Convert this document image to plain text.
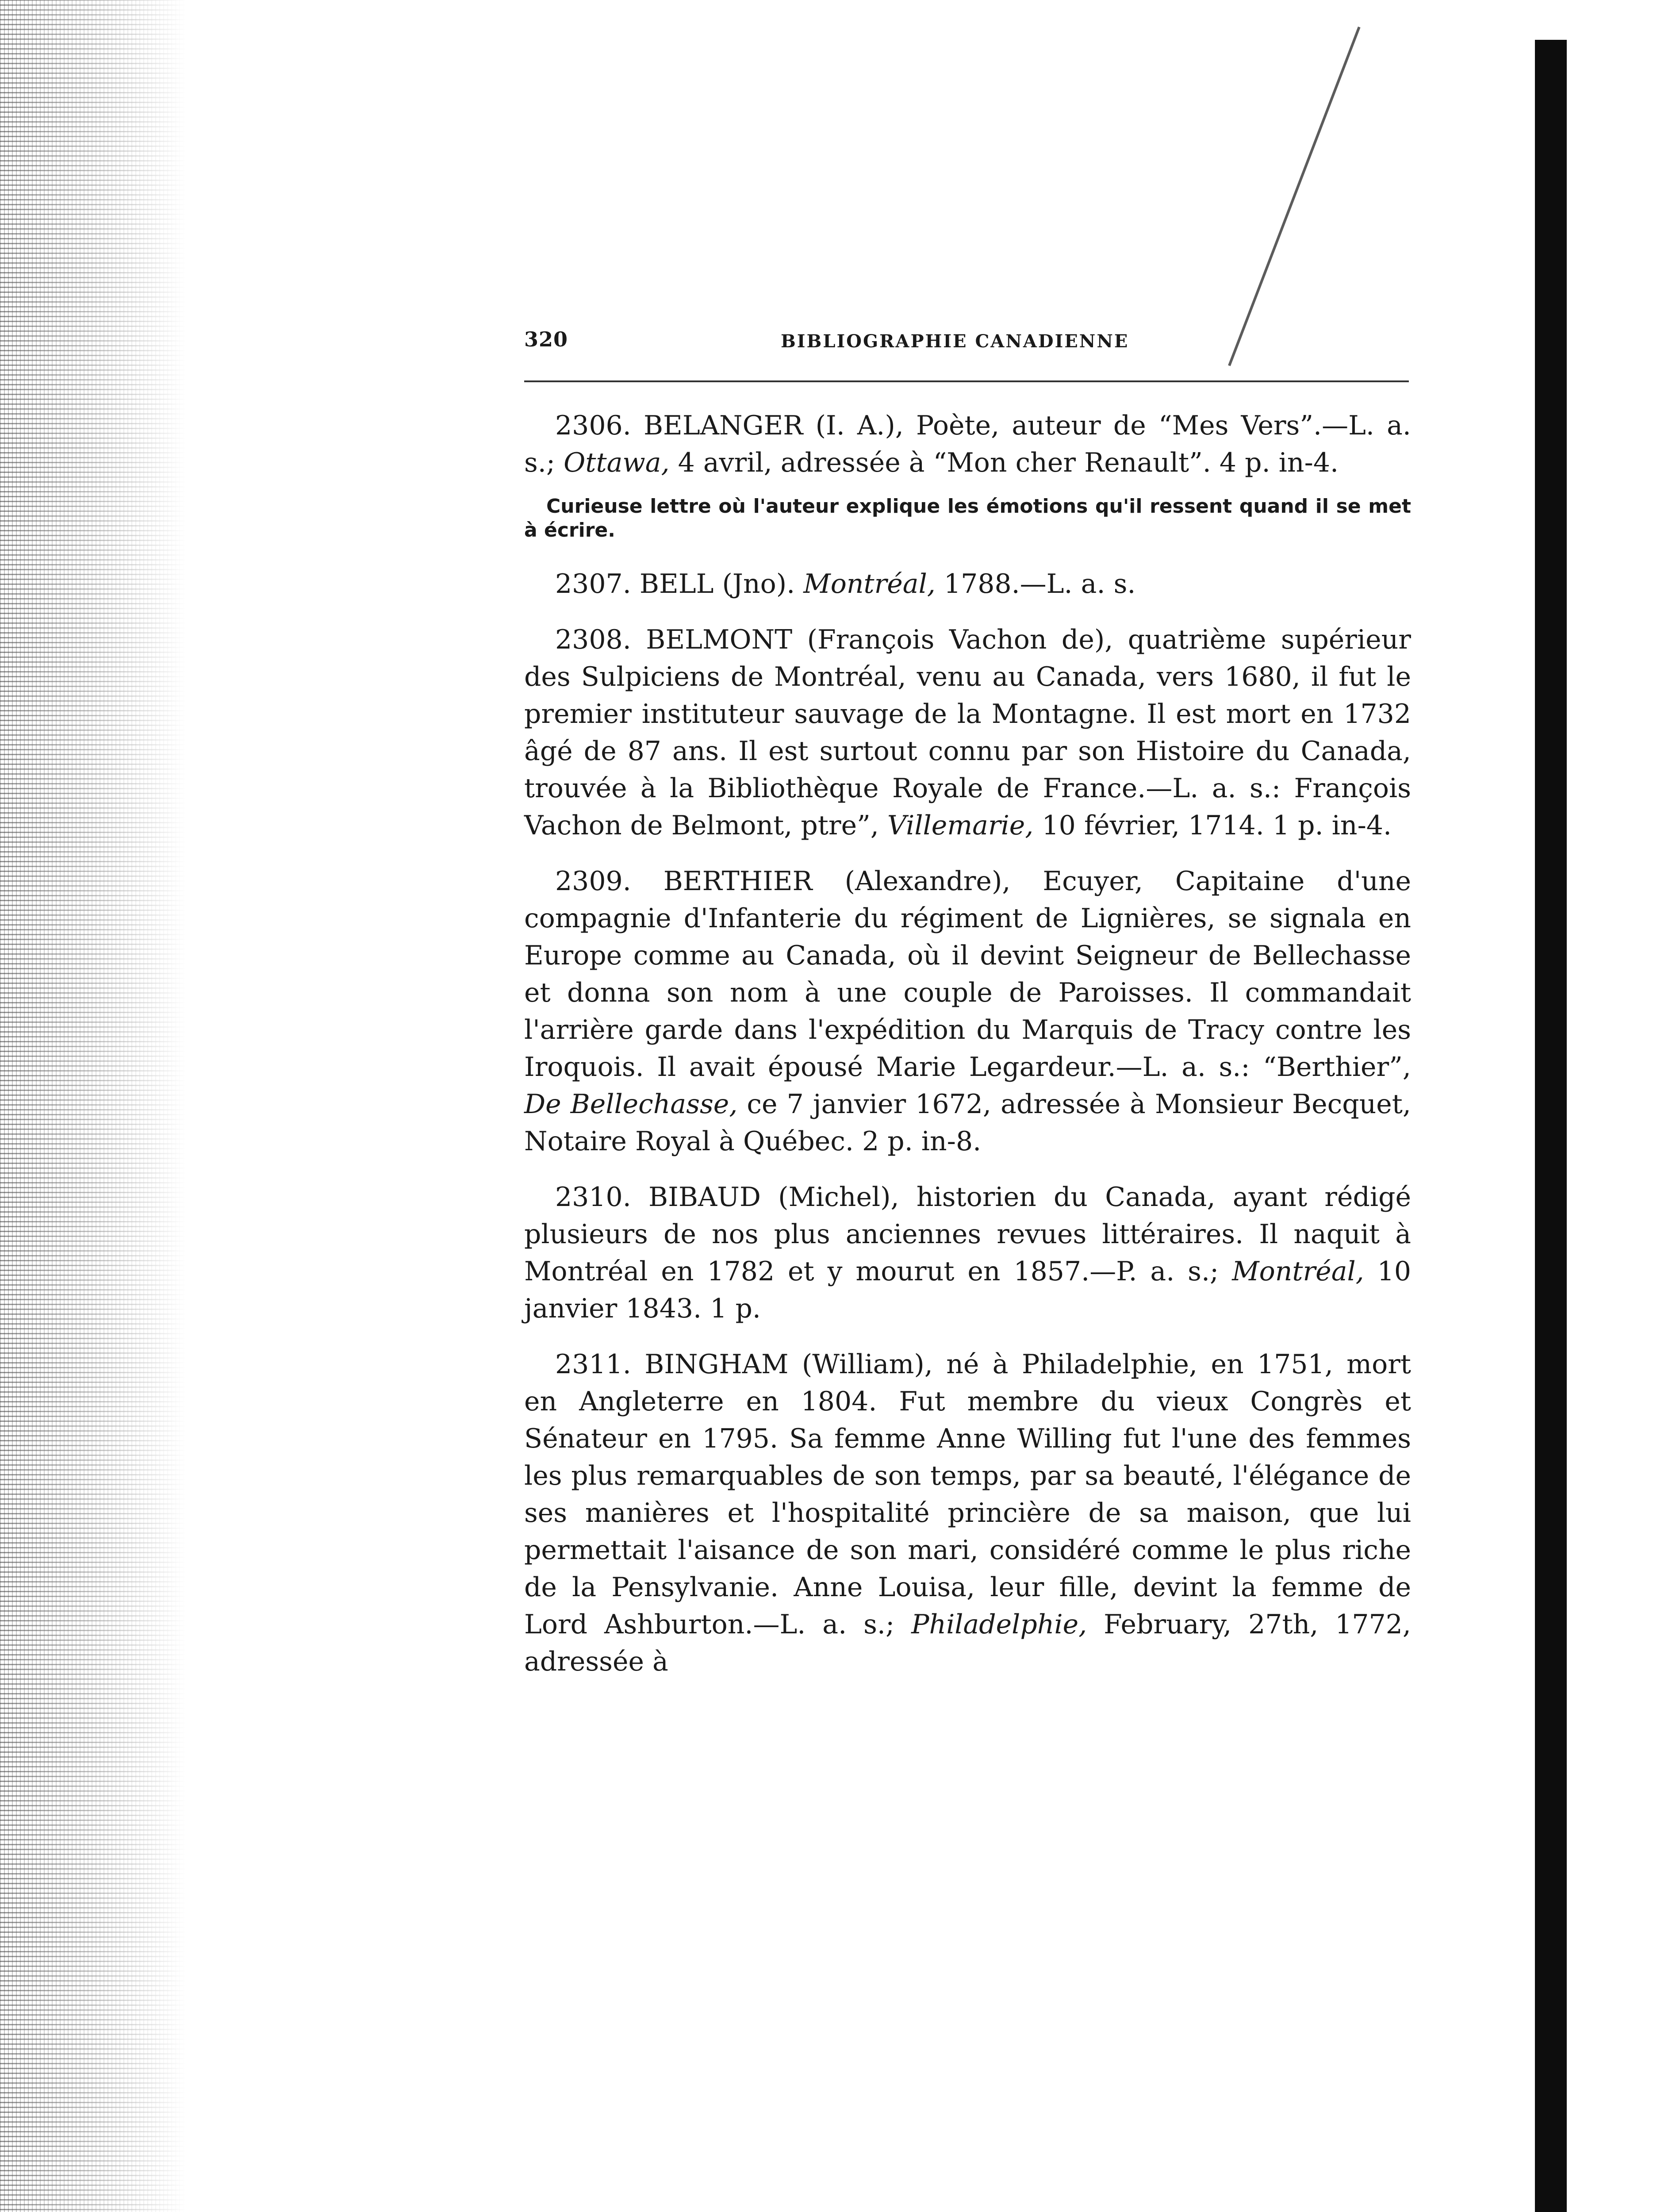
320	BIBLIOGRAPHIE CANADIENNE

2306. BELANGER (I. A.), Poète, auteur de “Mes Vers”.—L. a. s.; Ottawa, 4 avril, adressée à “Mon cher Renault”. 4 p. in-4.

Curieuse lettre où l'auteur explique les émotions qu'il ressent quand il se met à écrire.

2307. BELL (Jno). Montréal, 1788.—L. a. s.

2308. BELMONT (François Vachon de), quatrième supérieur des Sulpiciens de Montréal, venu au Canada, vers 1680, il fut le premier instituteur sauvage de la Montagne. Il est mort en 1732 âgé de 87 ans. Il est surtout connu par son Histoire du Canada, trouvée à la Bibliothèque Royale de France.—L. a. s.: François Vachon de Belmont, ptre”, Villemarie, 10 février, 1714. 1 p. in-4.

2309. BERTHIER (Alexandre), Ecuyer, Capitaine d'une compagnie d'Infanterie du régiment de Lignières, se signala en Europe comme au Canada, où il devint Seigneur de Bellechasse et donna son nom à une couple de Paroisses. Il commandait l'arrière garde dans l'expédition du Marquis de Tracy contre les Iroquois. Il avait épousé Marie Legardeur.—L. a. s.: “Berthier”, De Bellechasse, ce 7 janvier 1672, adressée à Monsieur Becquet, Notaire Royal à Québec. 2 p. in-8.

2310. BIBAUD (Michel), historien du Canada, ayant rédigé plusieurs de nos plus anciennes revues littéraires. Il naquit à Montréal en 1782 et y mourut en 1857.—P. a. s.; Montréal, 10 janvier 1843. 1 p.

2311. BINGHAM (William), né à Philadelphie, en 1751, mort en Angleterre en 1804. Fut membre du vieux Congrès et Sénateur en 1795. Sa femme Anne Willing fut l'une des femmes les plus remarquables de son temps, par sa beauté, l'élégance de ses manières et l'hospitalité princière de sa maison, que lui permettait l'aisance de son mari, considéré comme le plus riche de la Pensylvanie. Anne Louisa, leur fille, devint la femme de Lord Ashburton.—L. a. s.; Philadelphie, February, 27th, 1772, adressée à
